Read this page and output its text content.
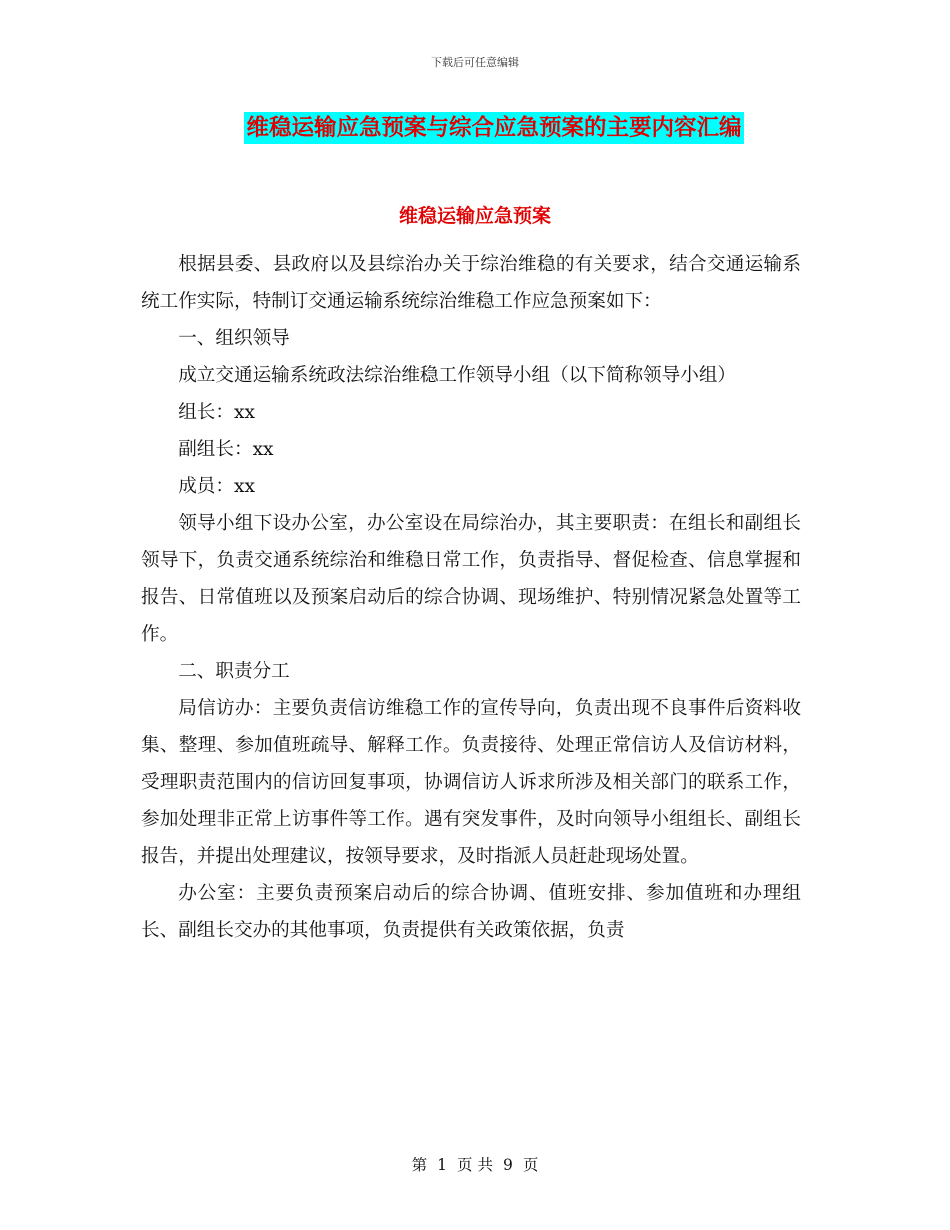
下载后可任意编辑
维稳运输应急预案与综合应急预案的主要内容汇编
维稳运输应急预案

根据县委、县政府以及县综治办关于综治维稳的有关要求，结合交通运输系统工作实际，特制订交通运输系统综治维稳工作应急预案如下：

一、组织领导

成立交通运输系统政法综治维稳工作领导小组（以下简称领导小组）

组长：xx

副组长：xx

成员：xx

领导小组下设办公室，办公室设在局综治办，其主要职责：在组长和副组长领导下，负责交通系统综治和维稳日常工作，负责指导、督促检查、信息掌握和报告、日常值班以及预案启动后的综合协调、现场维护、特别情况紧急处置等工作。

二、职责分工

局信访办：主要负责信访维稳工作的宣传导向，负责出现不良事件后资料收集、整理、参加值班疏导、解释工作。负责接待、处理正常信访人及信访材料，受理职责范围内的信访回复事项，协调信访人诉求所涉及相关部门的联系工作，参加处理非正常上访事件等工作。遇有突发事件，及时向领导小组组长、副组长报告，并提出处理建议，按领导要求，及时指派人员赶赴现场处置。

办公室：主要负责预案启动后的综合协调、值班安排、参加值班和办理组长、副组长交办的其他事项，负责提供有关政策依据，负责

第 1 页 共 9 页
